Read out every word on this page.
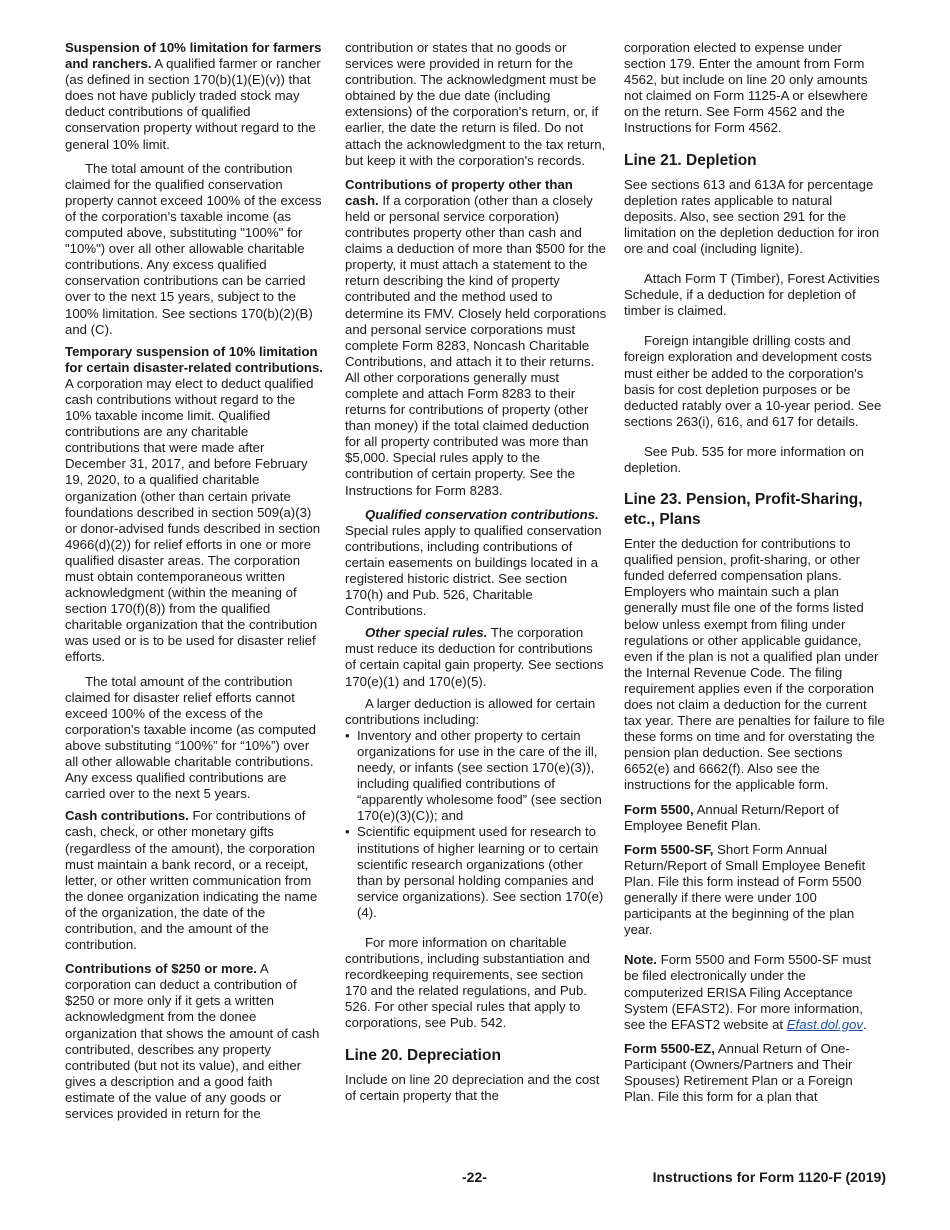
Suspension of 10% limitation for farmers and ranchers. A qualified farmer or rancher (as defined in section 170(b)(1)(E)(v)) that does not have publicly traded stock may deduct contributions of qualified conservation property without regard to the general 10% limit.

The total amount of the contribution claimed for the qualified conservation property cannot exceed 100% of the excess of the corporation's taxable income (as computed above, substituting "100%" for "10%") over all other allowable charitable contributions. Any excess qualified conservation contributions can be carried over to the next 15 years, subject to the 100% limitation. See sections 170(b)(2)(B) and (C).

Temporary suspension of 10% limitation for certain disaster-related contributions. A corporation may elect to deduct qualified cash contributions without regard to the 10% taxable income limit. Qualified contributions are any charitable contributions that were made after December 31, 2017, and before February 19, 2020, to a qualified charitable organization (other than certain private foundations described in section 509(a)(3) or donor-advised funds described in section 4966(d)(2)) for relief efforts in one or more qualified disaster areas. The corporation must obtain contemporaneous written acknowledgment (within the meaning of section 170(f)(8)) from the qualified charitable organization that the contribution was used or is to be used for disaster relief efforts.

The total amount of the contribution claimed for disaster relief efforts cannot exceed 100% of the excess of the corporation's taxable income (as computed above substituting “100%” for “10%”) over all other allowable charitable contributions. Any excess qualified contributions are carried over to the next 5 years.

Cash contributions. For contributions of cash, check, or other monetary gifts (regardless of the amount), the corporation must maintain a bank record, or a receipt, letter, or other written communication from the donee organization indicating the name of the organization, the date of the contribution, and the amount of the contribution.

Contributions of $250 or more. A corporation can deduct a contribution of $250 or more only if it gets a written acknowledgment from the donee organization that shows the amount of cash contributed, describes any property contributed (but not its value), and either gives a description and a good faith estimate of the value of any goods or services provided in return for the

contribution or states that no goods or services were provided in return for the contribution. The acknowledgment must be obtained by the due date (including extensions) of the corporation's return, or, if earlier, the date the return is filed. Do not attach the acknowledgment to the tax return, but keep it with the corporation's records.

Contributions of property other than cash. If a corporation (other than a closely held or personal service corporation) contributes property other than cash and claims a deduction of more than $500 for the property, it must attach a statement to the return describing the kind of property contributed and the method used to determine its FMV. Closely held corporations and personal service corporations must complete Form 8283, Noncash Charitable Contributions, and attach it to their returns. All other corporations generally must complete and attach Form 8283 to their returns for contributions of property (other than money) if the total claimed deduction for all property contributed was more than $5,000. Special rules apply to the contribution of certain property. See the Instructions for Form 8283.

Qualified conservation contributions. Special rules apply to qualified conservation contributions, including contributions of certain easements on buildings located in a registered historic district. See section 170(h) and Pub. 526, Charitable Contributions.

Other special rules. The corporation must reduce its deduction for contributions of certain capital gain property. See sections 170(e)(1) and 170(e)(5).

A larger deduction is allowed for certain contributions including:

• Inventory and other property to certain organizations for use in the care of the ill, needy, or infants (see section 170(e)(3)), including qualified contributions of “apparently wholesome food” (see section 170(e)(3)(C)); and

• Scientific equipment used for research to institutions of higher learning or to certain scientific research organizations (other than by personal holding companies and service organizations). See section 170(e)(4).

For more information on charitable contributions, including substantiation and recordkeeping requirements, see section 170 and the related regulations, and Pub. 526. For other special rules that apply to corporations, see Pub. 542.

Line 20. Depreciation

Include on line 20 depreciation and the cost of certain property that the

corporation elected to expense under section 179. Enter the amount from Form 4562, but include on line 20 only amounts not claimed on Form 1125-A or elsewhere on the return. See Form 4562 and the Instructions for Form 4562.

Line 21. Depletion

See sections 613 and 613A for percentage depletion rates applicable to natural deposits. Also, see section 291 for the limitation on the depletion deduction for iron ore and coal (including lignite).

Attach Form T (Timber), Forest Activities Schedule, if a deduction for depletion of timber is claimed.

Foreign intangible drilling costs and foreign exploration and development costs must either be added to the corporation's basis for cost depletion purposes or be deducted ratably over a 10-year period. See sections 263(i), 616, and 617 for details.

See Pub. 535 for more information on depletion.

Line 23. Pension, Profit-Sharing, etc., Plans

Enter the deduction for contributions to qualified pension, profit-sharing, or other funded deferred compensation plans. Employers who maintain such a plan generally must file one of the forms listed below unless exempt from filing under regulations or other applicable guidance, even if the plan is not a qualified plan under the Internal Revenue Code. The filing requirement applies even if the corporation does not claim a deduction for the current tax year. There are penalties for failure to file these forms on time and for overstating the pension plan deduction. See sections 6652(e) and 6662(f). Also see the instructions for the applicable form.

Form 5500, Annual Return/Report of Employee Benefit Plan.

Form 5500-SF, Short Form Annual Return/Report of Small Employee Benefit Plan. File this form instead of Form 5500 generally if there were under 100 participants at the beginning of the plan year.

Note. Form 5500 and Form 5500-SF must be filed electronically under the computerized ERISA Filing Acceptance System (EFAST2). For more information, see the EFAST2 website at Efast.dol.gov.

Form 5500-EZ, Annual Return of One-Participant (Owners/Partners and Their Spouses) Retirement Plan or a Foreign Plan. File this form for a plan that

-22-	Instructions for Form 1120-F (2019)
